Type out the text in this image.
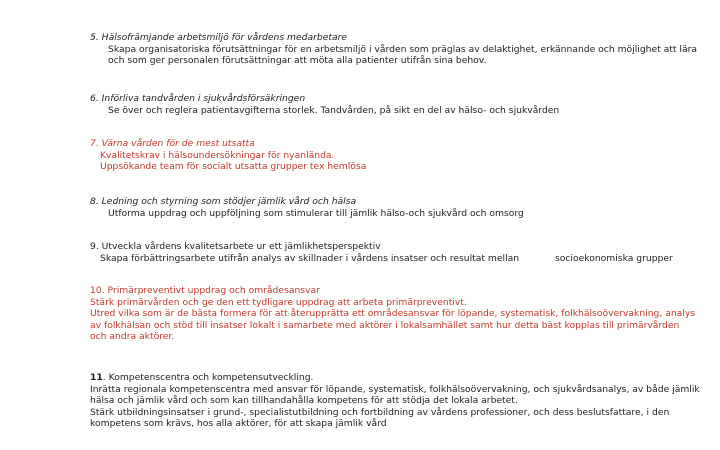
5. Hälsofrämjande arbetsmiljö för vårdens medarbetare
Skapa organisatoriska förutsättningar för en arbetsmiljö i vården som präglas av delaktighet, erkännande och möjlighet att lära
och som ger personalen förutsättningar att möta alla patienter utifrån sina behov.
6. Införliva tandvården i sjukvårdsförsäkringen
Se över och reglera patientavgifterna storlek. Tandvården, på sikt en del av hälso- och sjukvården
7. Värna vården för de mest utsatta
Kvalitetskrav i hälsoundersökningar för nyanlända.
Uppsökande team för socialt utsatta grupper tex hemlösa
8. Ledning och styrning som stödjer jämlik vård och hälsa
Utforma uppdrag och uppföljning som stimulerar till jämlik hälso-och sjukvård och omsorg
9. Utveckla vårdens kvalitetsarbete ur ett jämlikhetsperspektiv
Skapa förbättringsarbete utifrån analys av skillnader i vårdens insatser och resultat mellan	socioekonomiska grupper
10. Primärpreventivt uppdrag och områdesansvar
Stärk primärvården och ge den ett tydligare uppdrag att arbeta primärpreventivt.
Utred vilka som är de bästa formera för att återupprätta ett områdesansvar för löpande, systematisk, folkhälsoövervakning, analys
av folkhälsan och stöd till insatser lokalt i samarbete med aktörer i lokalsamhället samt hur detta bäst kopplas till primärvården
och andra aktörer.
11. Kompetenscentra och kompetensutveckling.
Inrätta regionala kompetenscentra med ansvar för löpande, systematisk, folkhälsoövervakning, och sjukvårdsanalys, av både jämlik
hälsa och jämlik vård och som kan tillhandahålla kompetens för att stödja det lokala arbetet.
Stärk utbildningsinsatser i grund-, specialistutbildning och fortbildning av vårdens professioner, och dess beslutsfattare, i den
kompetens som krävs, hos alla aktörer, för att skapa jämlik vård
